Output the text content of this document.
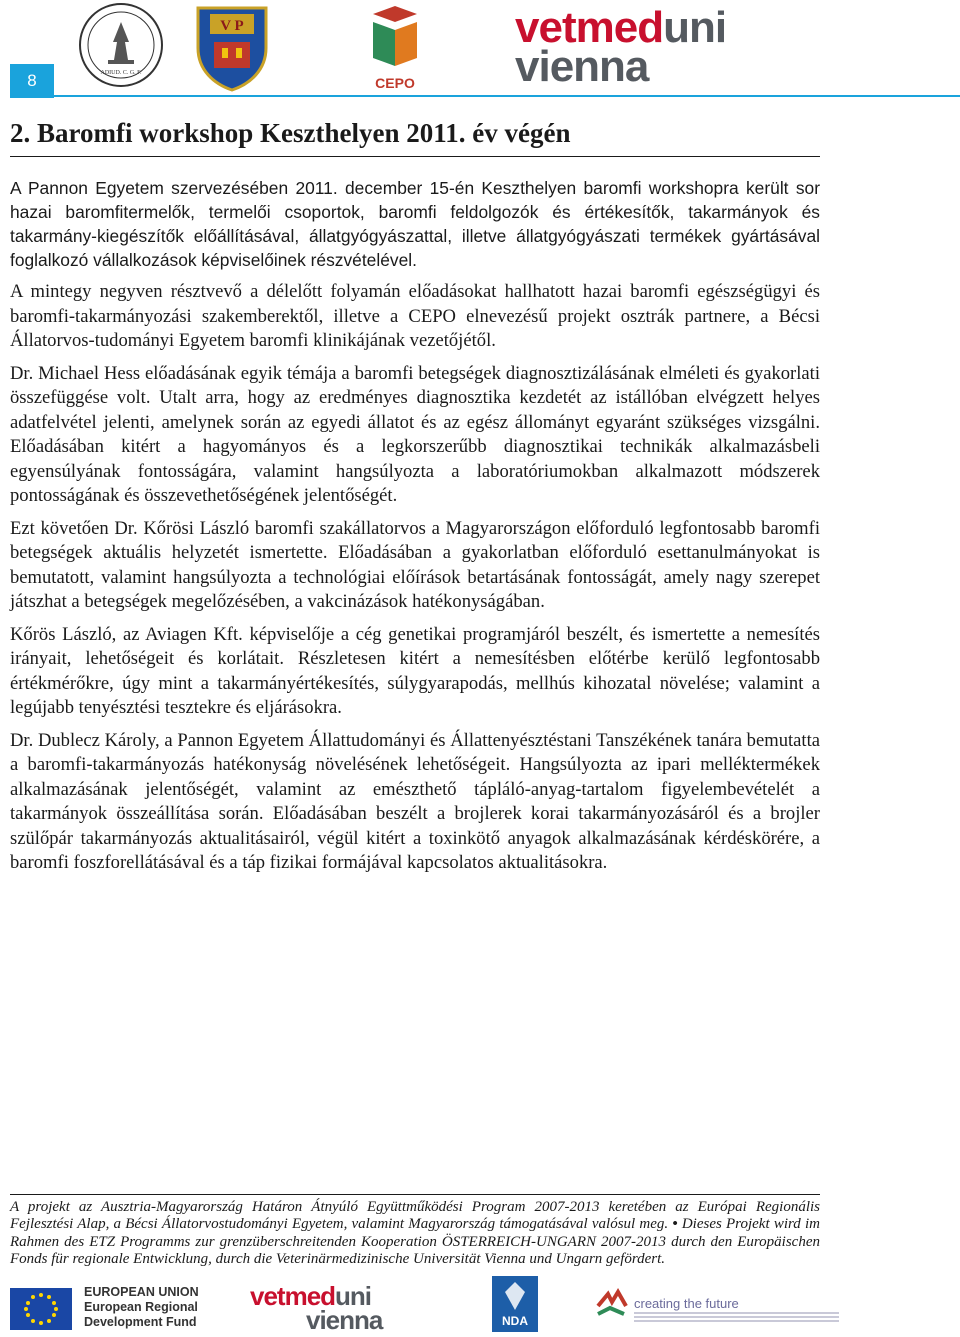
8	ADIUD. C. G. F.
V P
CEPO
vetmeduni
vienna
2. Baromfi workshop Keszthelyen 2011. év végén

A Pannon Egyetem szervezésében 2011. december 15-én Keszthelyen baromfi workshopra került sor hazai baromfitermelők, termelői csoportok, baromfi feldolgozók és értékesítők, takarmányok és takarmány-kiegészítők előállításával, állatgyógyászattal, illetve állatgyógyászati termékek gyártásával foglalkozó vállalkozások képviselőinek részvételével.

A mintegy negyven résztvevő a délelőtt folyamán előadásokat hallhatott hazai baromfi egészségügyi és baromfi-takarmányozási szakemberektől, illetve a CEPO elnevezésű projekt osztrák partnere, a Bécsi Állatorvos-tudományi Egyetem baromfi klinikájának vezetőjétől.

Dr. Michael Hess előadásának egyik témája a baromfi betegségek diagnosztizálásának elméleti és gyakorlati összefüggése volt. Utalt arra, hogy az eredményes diagnosztika kezdetét az istállóban elvégzett helyes adatfelvétel jelenti, amelynek során az egyedi állatot és az egész állományt egyaránt szükséges vizsgálni. Előadásában kitért a hagyományos és a legkorszerűbb diagnosztikai technikák alkalmazásbeli egyensúlyának fontosságára, valamint hangsúlyozta a laboratóriumokban alkalmazott módszerek pontosságának és összevethetőségének jelentőségét.

Ezt követően Dr. Kőrösi László baromfi szakállatorvos a Magyarországon előforduló legfontosabb baromfi betegségek aktuális helyzetét ismertette. Előadásában a gyakorlatban előforduló esettanulmányokat is bemutatott, valamint hangsúlyozta a technológiai előírások betartásának fontosságát, amely nagy szerepet játszhat a betegségek megelőzésében, a vakcinázások hatékonyságában.

Kőrös László, az Aviagen Kft. képviselője a cég genetikai programjáról beszélt, és ismertette a nemesítés irányait, lehetőségeit és korlátait. Részletesen kitért a nemesítésben előtérbe kerülő legfontosabb értékmérőkre, úgy mint a takarmányértékesítés, súlygyarapodás, mellhús kihozatal növelése; valamint a legújabb tenyésztési tesztekre és eljárásokra.

Dr. Dublecz Károly, a Pannon Egyetem Állattudományi és Állattenyésztéstani Tanszékének tanára bemutatta a baromfi-takarmányozás hatékonyság növelésének lehetőségeit. Hangsúlyozta az ipari melléktermékek alkalmazásának jelentőségét, valamint az emészthető tápláló-anyag-tartalom figyelembevételét a takarmányok összeállítása során. Előadásában beszélt a brojlerek korai takarmányozásáról és a brojler szülőpár takarmányozás aktualitásairól, végül kitért a toxinkötő anyagok alkalmazásának kérdéskörére, a baromfi foszforellátásával és a táp fizikai formájával kapcsolatos aktualitásokra.

A projekt az Ausztria-Magyarország Határon Átnyúló Együttműködési Program 2007-2013 keretében az Európai Regionális Fejlesztési Alap, a Bécsi Állatorvostudományi Egyetem, valamint Magyarország támogatásával valósul meg. • Dieses Projekt wird im Rahmen des ETZ Programms zur grenzüberschreitenden Kooperation ÖSTERREICH-UNGARN 2007-2013 durch den Europäischen Fonds für regionale Entwicklung, durch die Veterinärmedizinische Universität Vienna und Ungarn gefördert.

EUROPEAN UNION
European Regional
Development Fund
vetmeduni
vienna	NDA
creating the future
